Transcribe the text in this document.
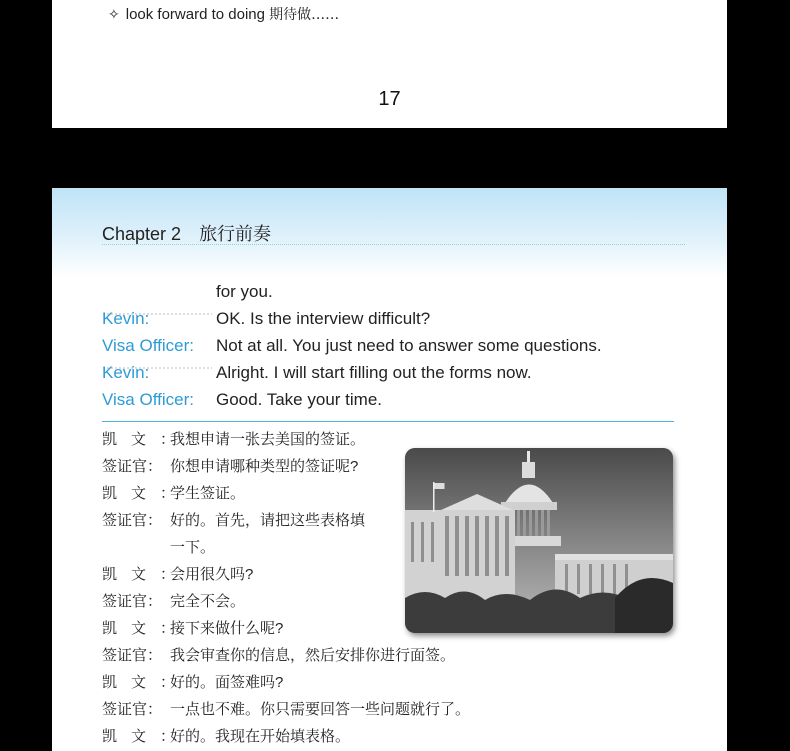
✧ look forward to doing 期待做……
17
Chapter 2 旅行前奏
for you.
Kevin:	OK. Is the interview difficult?
Visa Officer:	Not at all. You just need to answer some questions.
Kevin:	Alright. I will start filling out the forms now.
Visa Officer:	Good. Take your time.
凯文：
我想申请一张去美国的签证。
签证官： 你想申请哪种类型的签证呢?
凯文：
学生签证。
签证官： 好的。首先，请把这些表格填
一下。
凯文：
会用很久吗?
签证官： 完全不会。
凯文：
接下来做什么呢?
签证官： 我会审查你的信息，然后安排你进行面签。
凯文：
好的。面签难吗?
签证官： 一点也不难。你只需要回答一些问题就行了。
凯文：
好的。我现在开始填表格。
